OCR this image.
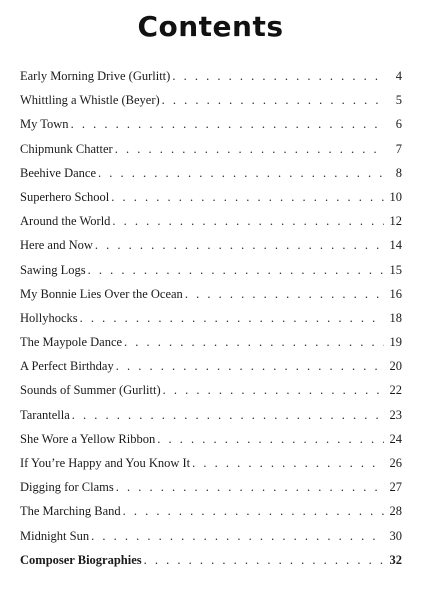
Contents
Early Morning Drive (Gurlitt) . . .	4
Whittling a Whistle (Beyer) . . .	5
My Town . . .	6
Chipmunk Chatter . . .	7
Beehive Dance . . .	8
Superhero School . . .	10
Around the World . . .	12
Here and Now . . .	14
Sawing Logs . . .	15
My Bonnie Lies Over the Ocean . . .	16
Hollyhocks . . .	18
The Maypole Dance . . .	19
A Perfect Birthday . . .	20
Sounds of Summer (Gurlitt) . . .	22
Tarantella . . .	23
She Wore a Yellow Ribbon . . .	24
If You’re Happy and You Know It . . .	26
Digging for Clams . . .	27
The Marching Band . . .	28
Midnight Sun . . .	30
Composer Biographies . . .	32
